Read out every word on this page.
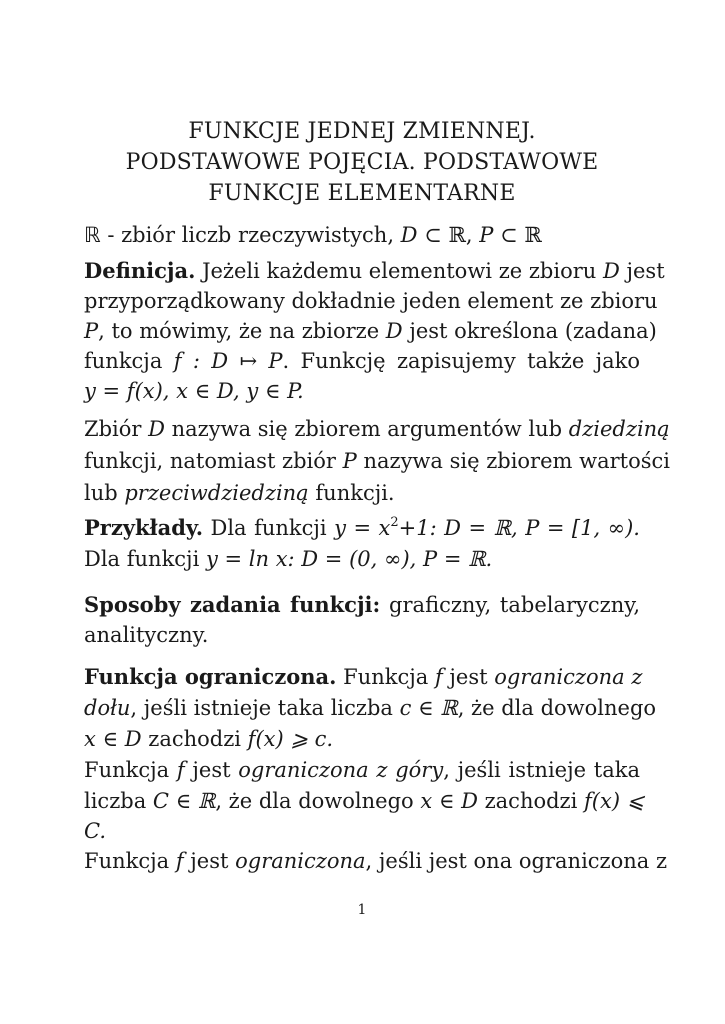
FUNKCJE JEDNEJ ZMIENNEJ.
PODSTAWOWE POJĘCIA. PODSTAWOWE
FUNKCJE ELEMENTARNE
ℝ - zbiór liczb rzeczywistych, D ⊂ ℝ, P ⊂ ℝ
Definicja. Jeżeli każdemu elementowi ze zbioru D jest
przyporządkowany dokładnie jeden element ze zbioru
P, to mówimy, że na zbiorze D jest określona (zadana)
funkcja f : D ↦ P. Funkcję zapisujemy także jako
y = f(x), x ∈ D, y ∈ P.
Zbiór D nazywa się zbiorem argumentów lub dziedziną
funkcji, natomiast zbiór P nazywa się zbiorem wartości
lub przeciwdziedziną funkcji.
Przykłady. Dla funkcji $y = x^2+1$: D = ℝ, P = [1, ∞).
Dla funkcji y = ln x: D = (0, ∞), P = ℝ.
Sposoby zadania funkcji: graficzny, tabelaryczny,
analityczny.
Funkcja ograniczona. Funkcja f jest ograniczona z
dołu, jeśli istnieje taka liczba c ∈ ℝ, że dla dowolnego
x ∈ D zachodzi f(x) ⩾ c.
Funkcja f jest ograniczona z góry, jeśli istnieje taka
liczba C ∈ ℝ, że dla dowolnego x ∈ D zachodzi f(x) ⩽
C.
Funkcja f jest ograniczona, jeśli jest ona ograniczona z
1
